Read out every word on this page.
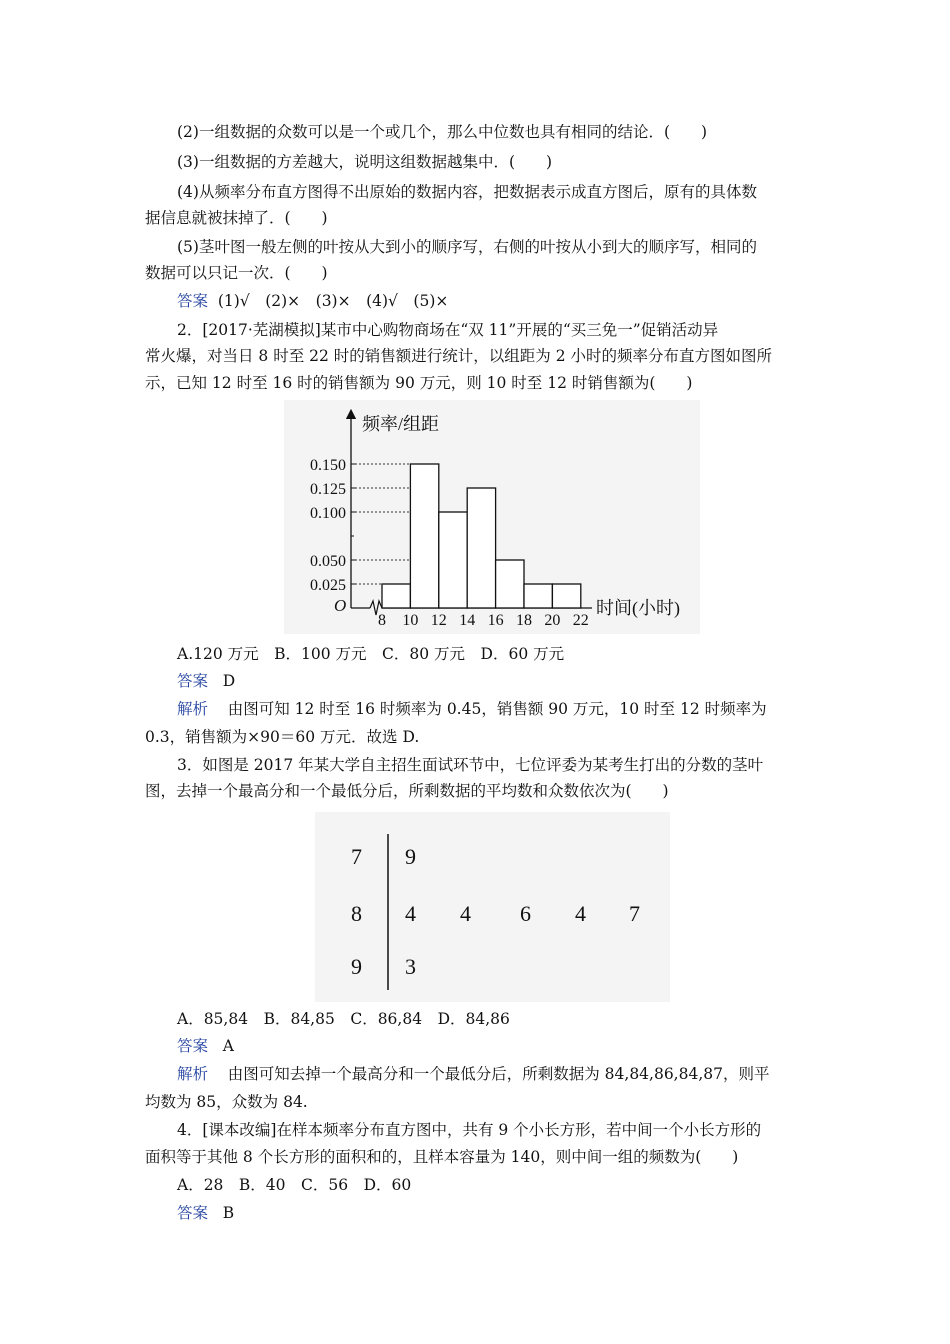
(2)一组数据的众数可以是一个或几个，那么中位数也具有相同的结论．(　　)
(3)一组数据的方差越大，说明这组数据越集中．(　　)
(4)从频率分布直方图得不出原始的数据内容，把数据表示成直方图后，原有的具体数
据信息就被抹掉了．(　　)
(5)茎叶图一般左侧的叶按从大到小的顺序写，右侧的叶按从小到大的顺序写，相同的
数据可以只记一次．(　　)
答案 (1)√　(2)×　(3)×　(4)√　(5)×
2．[2017·芜湖模拟]某市中心购物商场在“双 11”开展的“买三免一”促销活动异
常火爆，对当日 8 时至 22 时的销售额进行统计，以组距为 2 小时的频率分布直方图如图所
示，已知 12 时至 16 时的销售额为 90 万元，则 10 时至 12 时销售额为(　　)
0.150
0.125
0.100
0.050
0.025
8 10 12 14 16 18 20 22
频率/组距
时间(小时)
O
A.120 万元　B．100 万元　C．80 万元　D．60 万元
答案 D
解析 由图可知 12 时至 16 时频率为 0.45，销售额 90 万元，10 时至 12 时频率为
0.3，销售额为×90＝60 万元．故选 D.
3．如图是 2017 年某大学自主招生面试环节中，七位评委为某考生打出的分数的茎叶
图，去掉一个最高分和一个最低分后，所剩数据的平均数和众数依次为(　　)
7 9
8 4 4 6 4 7
9 3
A．85,84　B．84,85　C．86,84　D．84,86
答案 A
解析 由图可知去掉一个最高分和一个最低分后，所剩数据为 84,84,86,84,87，则平
均数为 85，众数为 84.
4．[课本改编]在样本频率分布直方图中，共有 9 个小长方形，若中间一个小长方形的
面积等于其他 8 个长方形的面积和的，且样本容量为 140，则中间一组的频数为(　　)
A．28　B．40　C．56　D．60
答案 B
